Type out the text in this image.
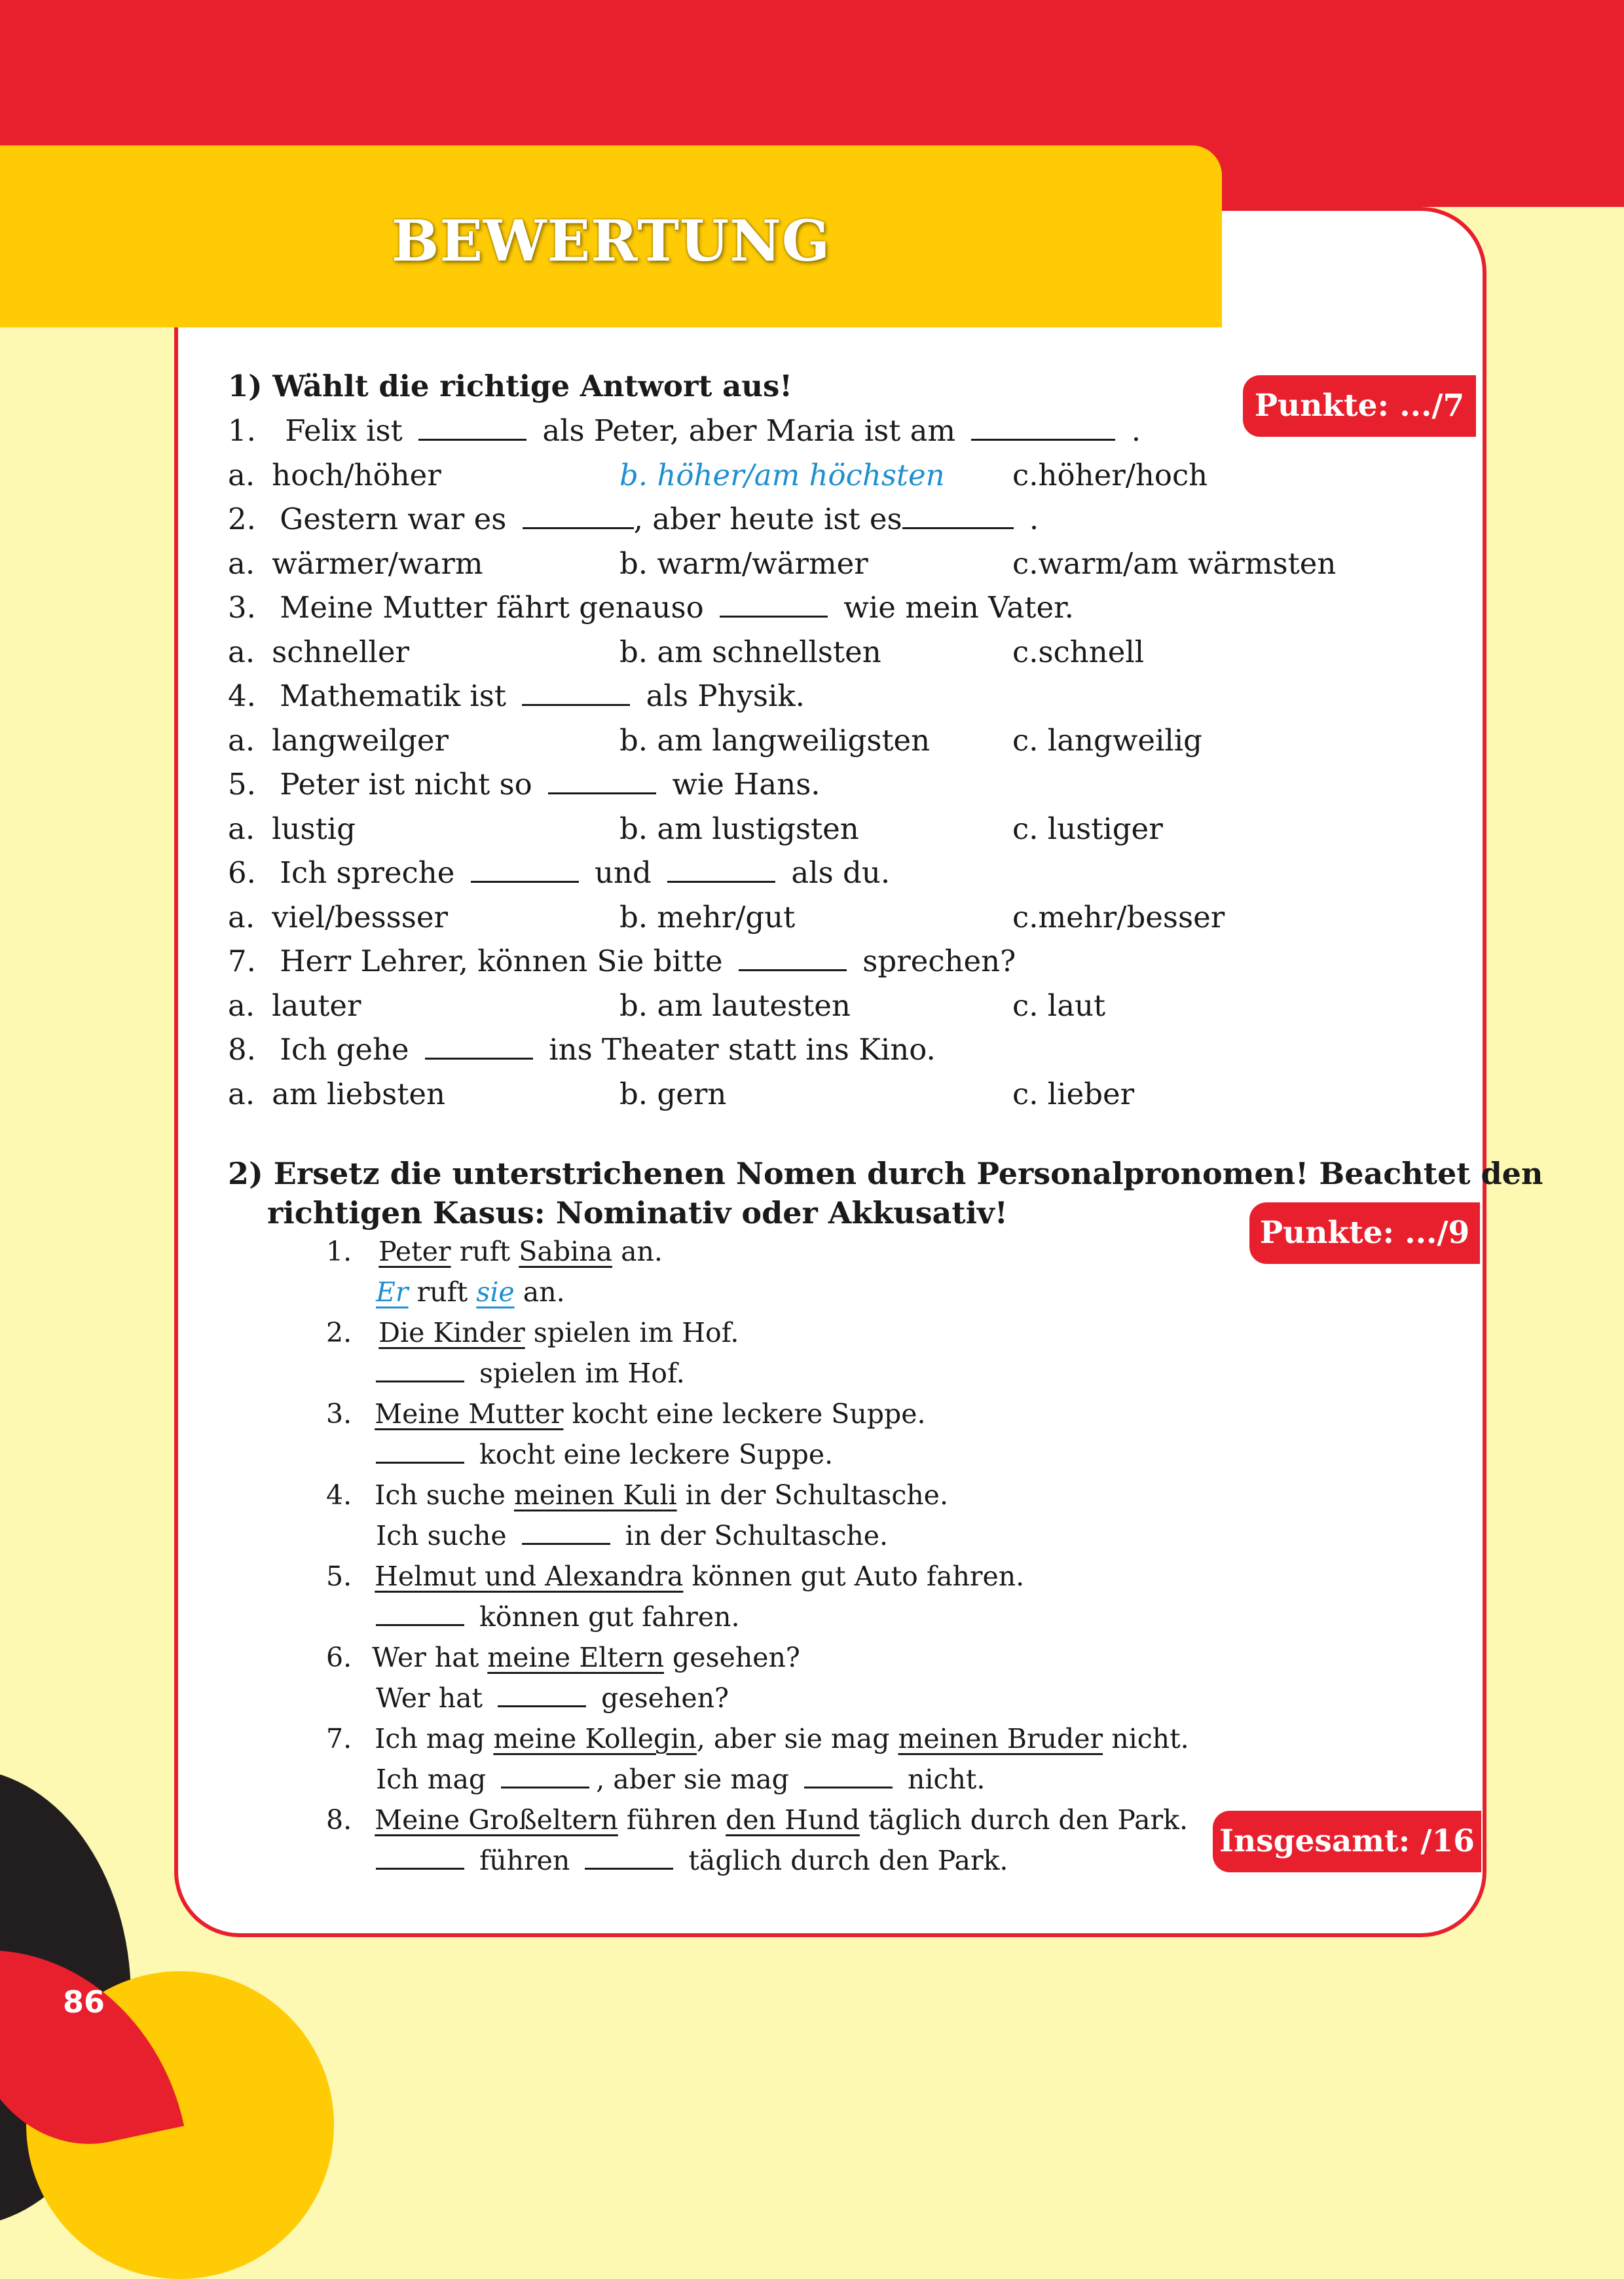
BEWERTUNG
86
Punkte: .../7
Punkte: .../9
Insgesamt: /16
1) Wählt die richtige Antwort aus!
1. Felix ist	als Peter, aber Maria ist am	.
a. hoch/höher	b. höher/am höchsten c.höher/hoch
2. Gestern war es	, aber heute ist es	.
a. wärmer/warm	b. warm/wärmer	c.warm/am wärmsten
3. Meine Mutter fährt genauso	wie mein Vater.
a. schneller	b. am schnellsten	c.schnell
4. Mathematik ist	als Physik.
a. langweilger	b. am langweiligsten	c. langweilig
5. Peter ist nicht so	wie Hans.
a. lustig	b. am lustigsten	c. lustiger
6. Ich spreche	und	als du.
a. viel/bessser	b. mehr/gut	c.mehr/besser
7. Herr Lehrer, können Sie bitte	sprechen?
a. lauter	b. am lautesten	c. laut
8. Ich gehe	ins Theater statt ins Kino.
a. am liebsten	b. gern	c. lieber
2) Ersetz die unterstrichenen Nomen durch Personalpronomen! Beachtet den
richtigen Kasus: Nominativ oder Akkusativ!
1. Peter ruft Sabina an.
Er ruft sie an.
2. Die Kinder spielen im Hof.
spielen im Hof.
3. Meine Mutter kocht eine leckere Suppe.
kocht eine leckere Suppe.
4. Ich suche meinen Kuli in der Schultasche.
Ich suche	in der Schultasche.
5. Helmut und Alexandra können gut Auto fahren.
können gut fahren.
6. Wer hat meine Eltern gesehen?
Wer hat	gesehen?
7. Ich mag meine Kollegin, aber sie mag meinen Bruder nicht.
Ich mag	, aber sie mag	nicht.
8. Meine Großeltern führen den Hund täglich durch den Park.
führen	täglich durch den Park.
